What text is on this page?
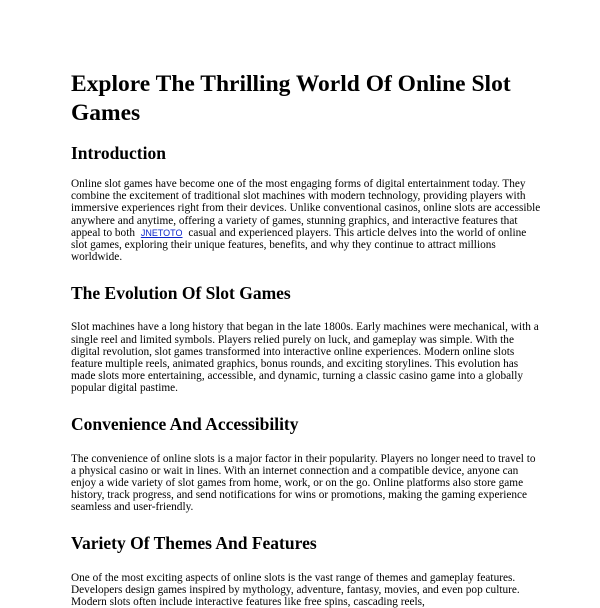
Explore The Thrilling World Of Online Slot Games
Introduction

Online slot games have become one of the most engaging forms of digital entertainment today. They combine the excitement of traditional slot machines with modern technology, providing players with immersive experiences right from their devices. Unlike conventional casinos, online slots are accessible anywhere and anytime, offering a variety of games, stunning graphics, and interactive features that appeal to both JNETOTO casual and experienced players. This article delves into the world of online slot games, exploring their unique features, benefits, and why they continue to attract millions worldwide.

The Evolution Of Slot Games

Slot machines have a long history that began in the late 1800s. Early machines were mechanical, with a single reel and limited symbols. Players relied purely on luck, and gameplay was simple. With the digital revolution, slot games transformed into interactive online experiences. Modern online slots feature multiple reels, animated graphics, bonus rounds, and exciting storylines. This evolution has made slots more entertaining, accessible, and dynamic, turning a classic casino game into a globally popular digital pastime.

Convenience And Accessibility

The convenience of online slots is a major factor in their popularity. Players no longer need to travel to a physical casino or wait in lines. With an internet connection and a compatible device, anyone can enjoy a wide variety of slot games from home, work, or on the go. Online platforms also store game history, track progress, and send notifications for wins or promotions, making the gaming experience seamless and user-friendly.

Variety Of Themes And Features

One of the most exciting aspects of online slots is the vast range of themes and gameplay features. Developers design games inspired by mythology, adventure, fantasy, movies, and even pop culture. Modern slots often include interactive features like free spins, cascading reels,
